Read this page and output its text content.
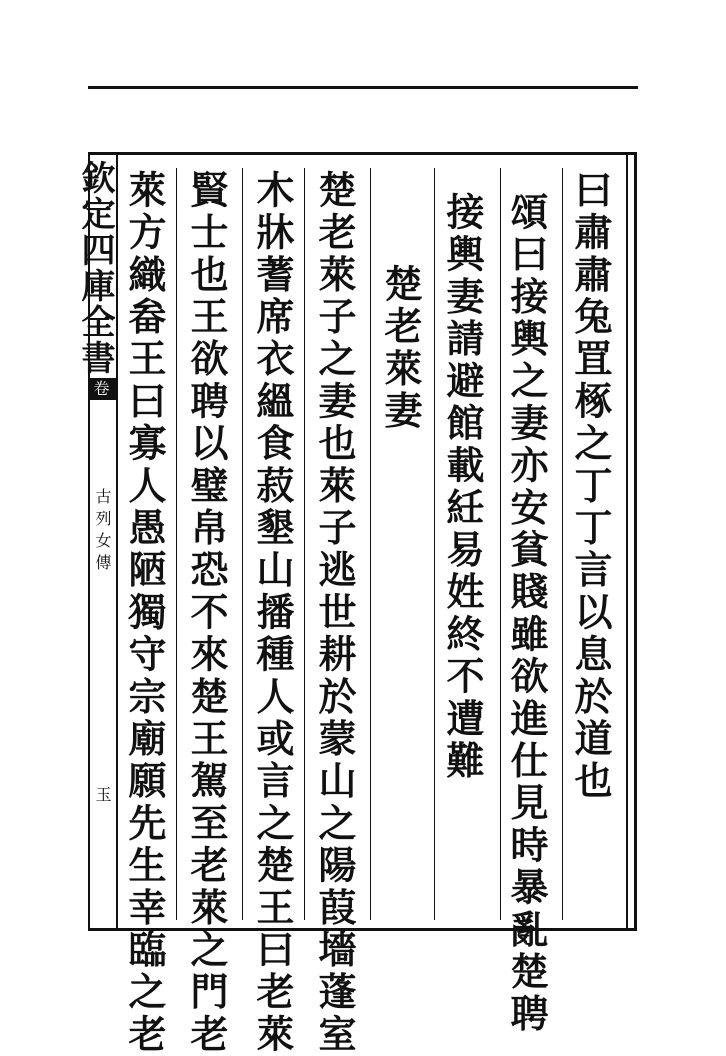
欽定四庫全書
卷八
古列女傳
玉	曰肅肅兔罝椓之丁丁言以息於道也
頌曰接輿之妻亦安貧賤雖欲進仕見時暴亂楚聘
接輿妻請避館載紝易姓終不遭難
楚老萊妻
楚老萊子之妻也萊子逃世耕於蒙山之陽葭墻蓬室
木牀蓍席衣縕食菽墾山播種人或言之楚王曰老萊
賢士也王欲聘以璧帛恐不來楚王駕至老萊之門老
萊方織畚王曰寡人愚陋獨守宗廟願先生幸臨之老
